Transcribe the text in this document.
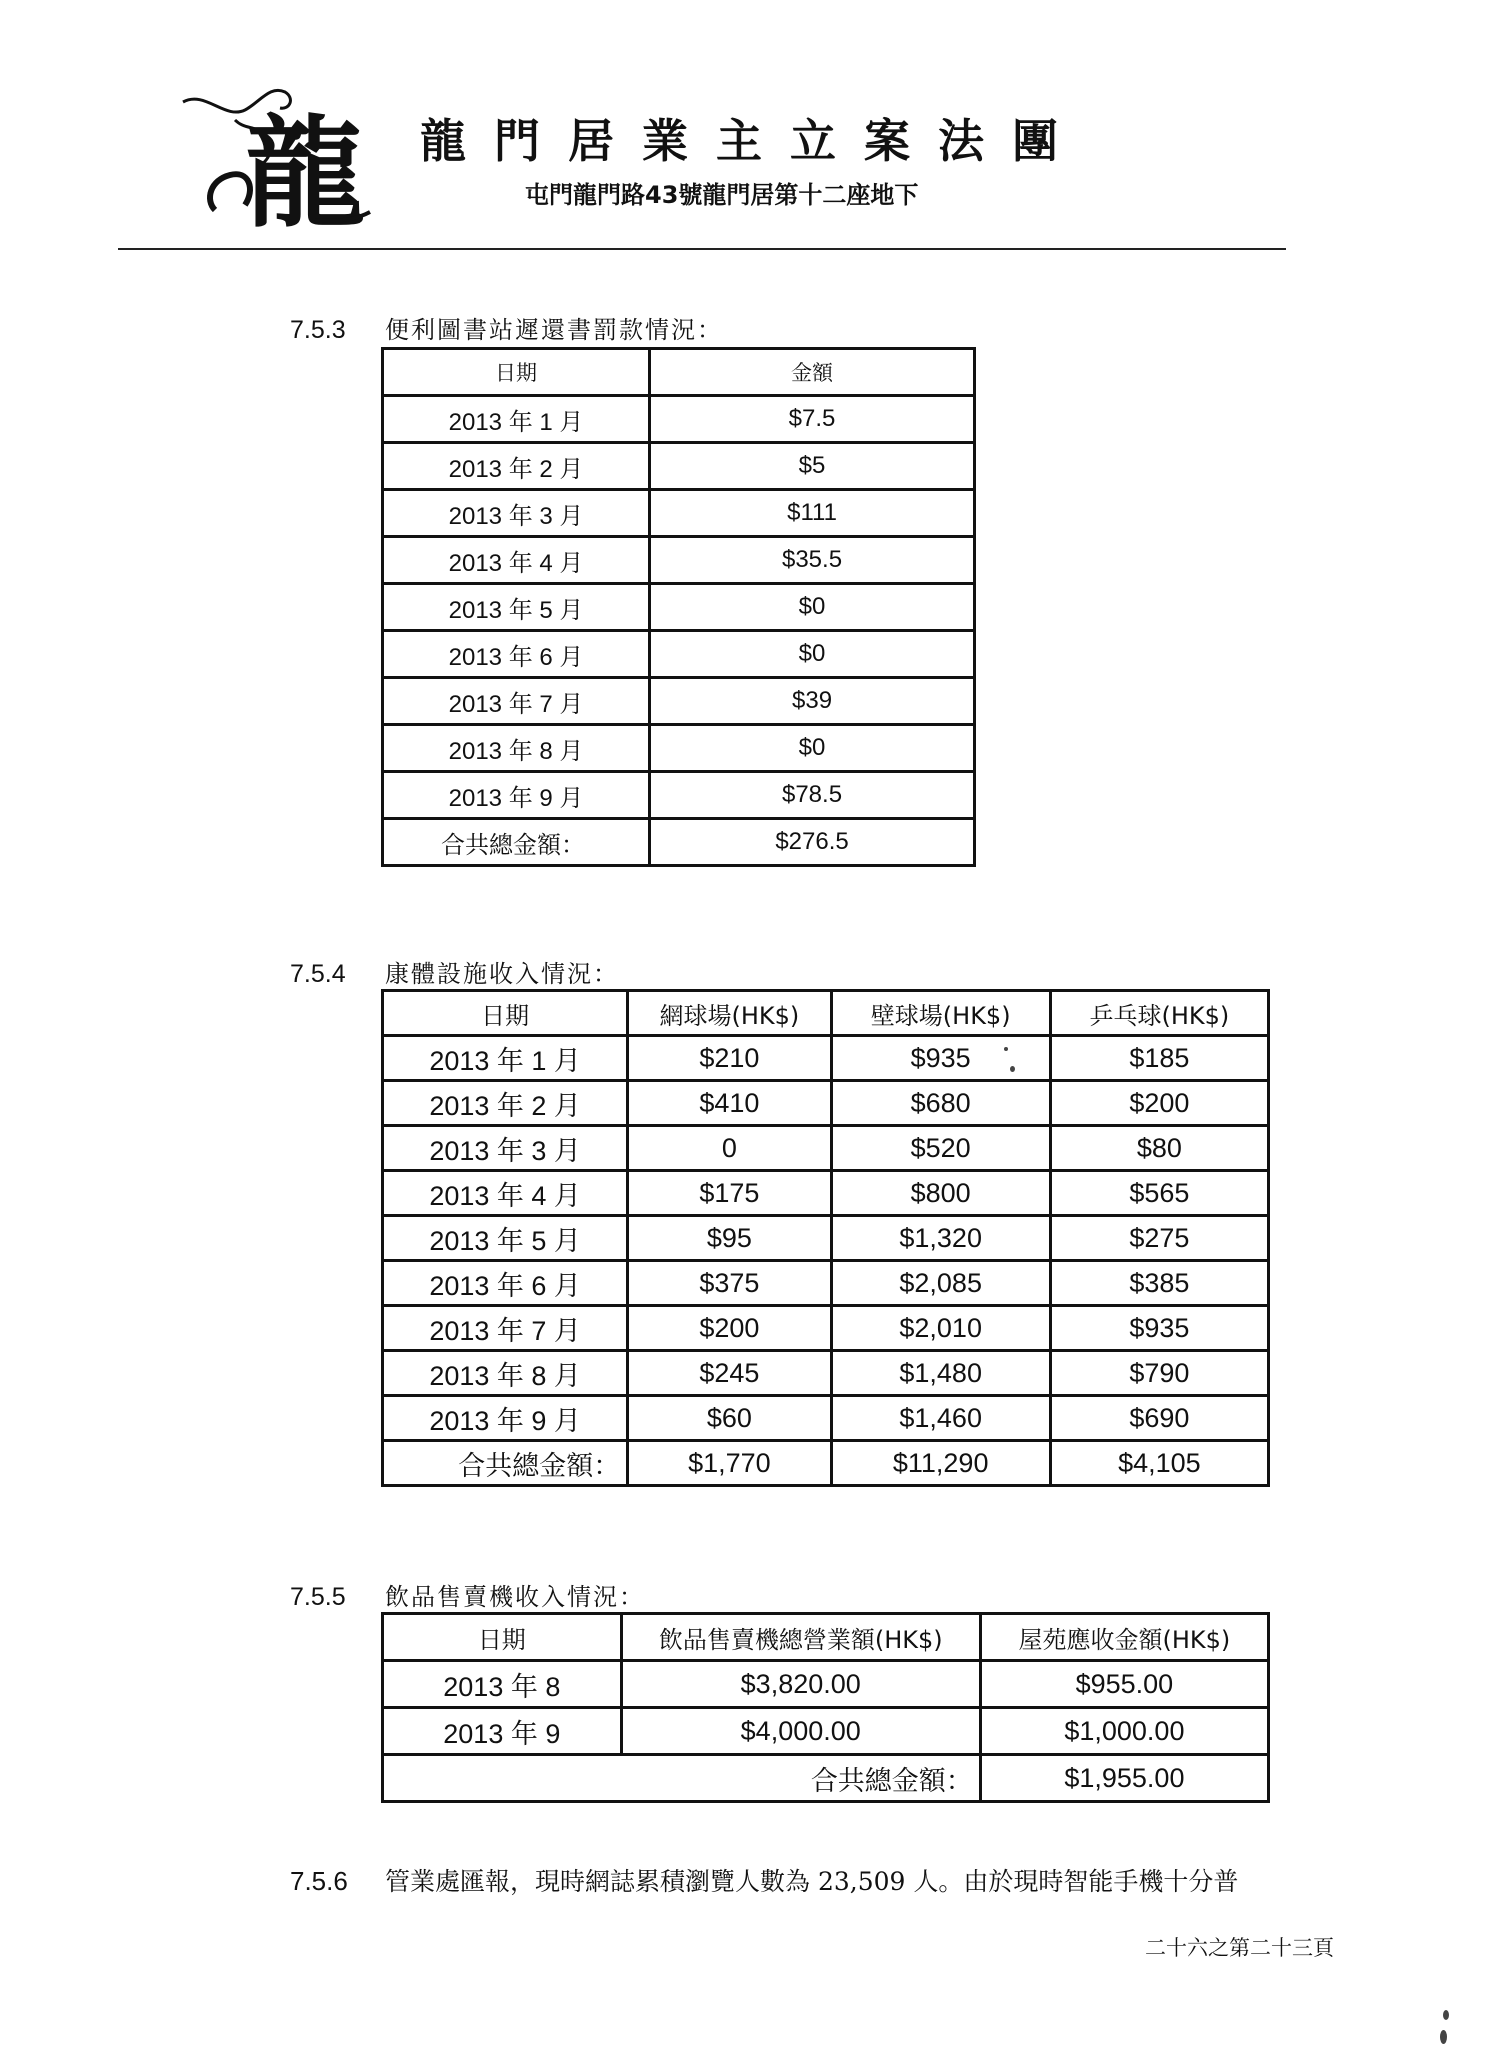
龍 龍門居業主立案法團
屯門龍門路43號龍門居第十二座地下
7.5.3 便利圖書站遲還書罰款情況：
日期	金額
2013 年 1 月	$7.5
2013 年 2 月	$5
2013 年 3 月	$111
2013 年 4 月	$35.5
2013 年 5 月	$0
2013 年 6 月	$0
2013 年 7 月	$39
2013 年 8 月	$0
2013 年 9 月	$78.5
合共總金額：	$276.5
7.5.4 康體設施收入情況：
日期	網球場(HK$)	壁球場(HK$)	乒乓球(HK$)
2013 年 1 月	$210	$935	$185
2013 年 2 月	$410	$680	$200
2013 年 3 月	0	$520	$80
2013 年 4 月	$175	$800	$565
2013 年 5 月	$95	$1,320	$275
2013 年 6 月	$375	$2,085	$385
2013 年 7 月	$200	$2,010	$935
2013 年 8 月	$245	$1,480	$790
2013 年 9 月	$60	$1,460	$690
合共總金額：	$1,770	$11,290	$4,105
7.5.5 飲品售賣機收入情況：
日期	飲品售賣機總營業額(HK$)	屋苑應收金額(HK$)
2013 年 8	$3,820.00	$955.00
2013 年 9	$4,000.00	$1,000.00
合共總金額：		$1,955.00
7.5.6 管業處匯報，現時網誌累積瀏覽人數為 23,509 人。由於現時智能手機十分普
二十六之第二十三頁
